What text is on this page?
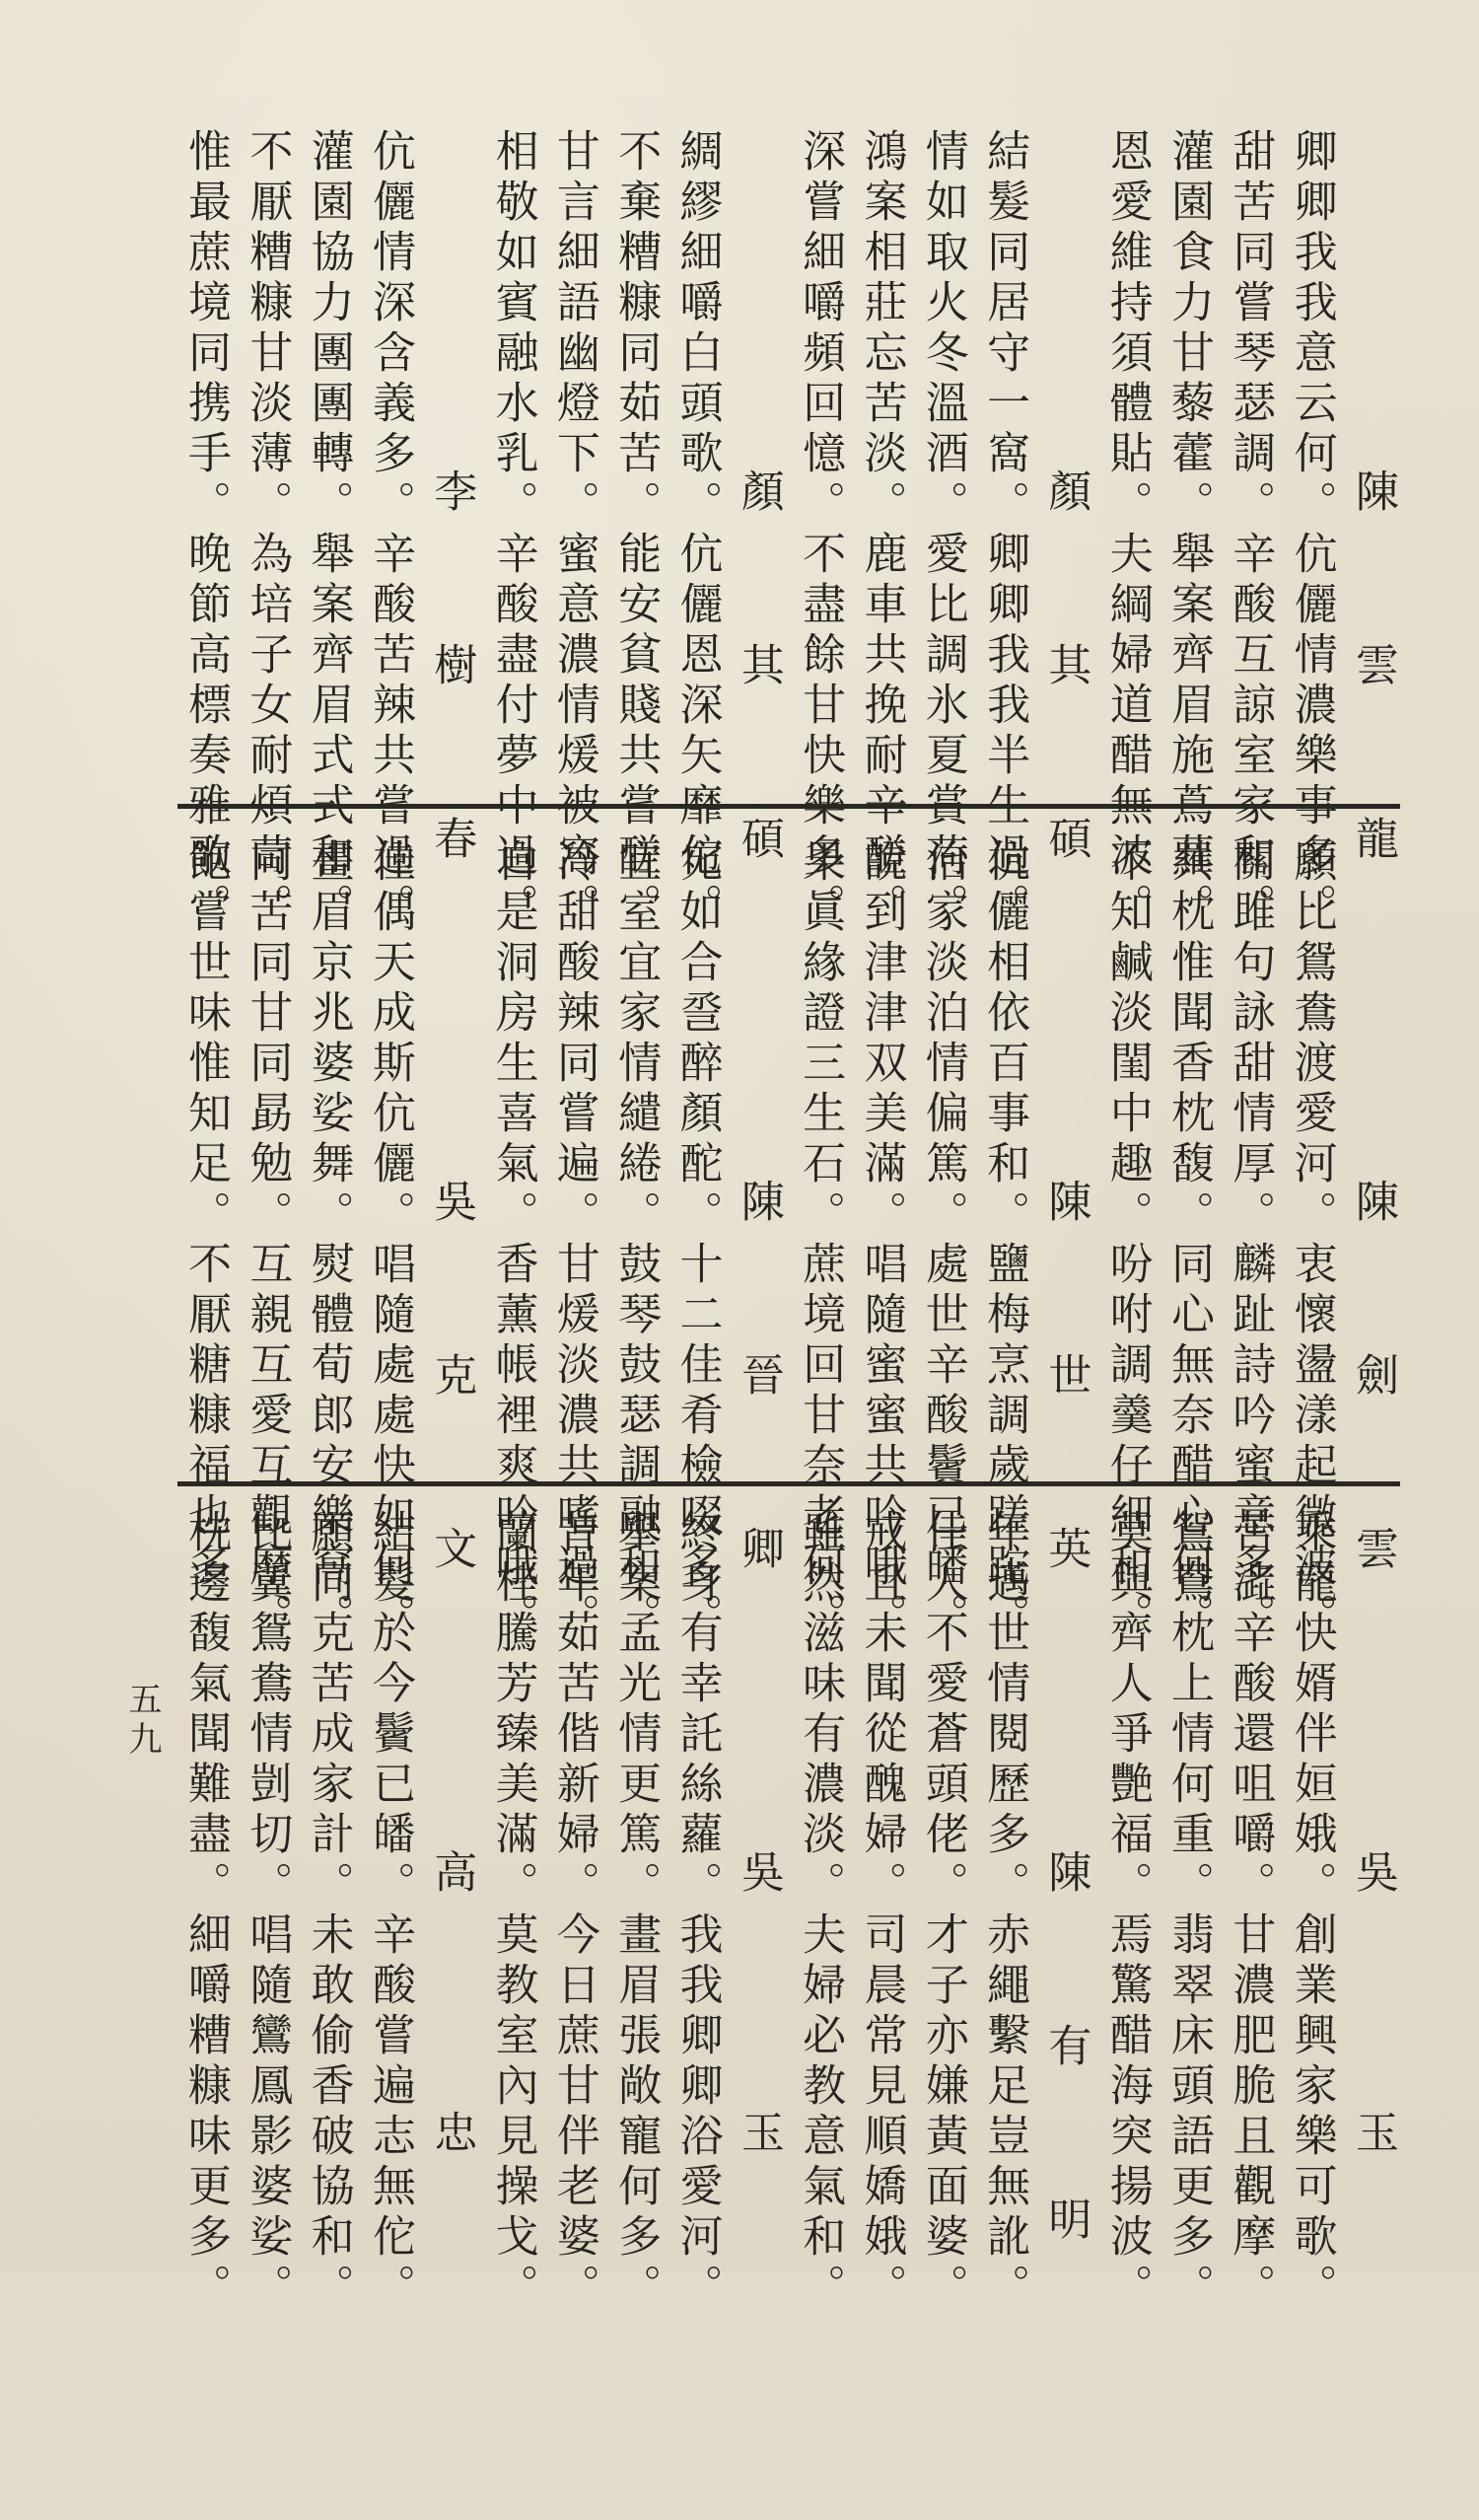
陳　雲　龍
卿卿我我意云何。伉儷情濃樂事多。
甜苦同嘗琴瑟調。辛酸互諒室家和。
灌園食力甘藜藿。舉案齊眉施蔦蘿。
恩愛維持須體貼。夫綱婦道醋無波。
顏　其　碩
結髮同居守一窩。卿卿我我半生過。
情如取火冬溫酒。愛比調氷夏賞荷。
鴻案相莊忘苦淡。鹿車共挽耐辛醝。
深嘗細嚼頻回憶。不盡餘甘快樂多。
顏　其　碩
綢繆細嚼白頭歌。伉儷恩深矢靡佗。
不棄糟糠同茹苦。能安貧賤共嘗醝。
甘言細語幽燈下。蜜意濃情煖被窩。
相敬如賓融水乳。辛酸盡付夢中過。
李　樹　春
伉儷情深含義多。辛酸苦辣共嘗過。
灌園協力團團轉。舉案齊眉式式和。
不厭糟糠甘淡薄。為培子女耐煩苛。
惟最蔗境同携手。晚節高標奏雅歌。
陳　劍　雲
願比鴛鴦渡愛河。衷懷盪漾起微波。
關雎句詠甜情厚。麟趾詩吟蜜意多。
共枕惟聞香枕馥。同心無奈醋心何。
不知鹹淡閨中趣。吩咐調羹仔細和。
陳　世　英
伉儷相依百事和。鹽梅烹調歲蹉跎。
治家淡泊情偏篤。處世辛酸鬢已皤。
說到津津双美滿。唱隨蜜蜜共吟哦。
果眞緣證三生石。蔗境回甘奈老何。
陳　晉　卿
宛如合巹醉顏酡。十二佳肴檢啜多。
宜室宜家情繾綣。鼓琴鼓瑟調融和。
冷甜酸辣同嘗遍。甘煖淡濃共嗜過。
自是洞房生喜氣。香薰帳裡爽吟哦。
吳　克　文
佳偶天成斯伉儷。唱隨處處快如何。
畫眉京兆婆娑舞。熨體荀郎安樂窩。
同苦同甘同勗勉。互親互愛互觀摩。
飽嘗世味惟知足。不厭糖糠福也多
吳　　玉
乘龍快婿伴姮娥。創業興家樂可歌。
苦澁辛酸還咀嚼。甘濃肥脆且觀摩。
鴛鴦枕上情何重。翡翠床頭語更多。
莫與齊人爭艷福。焉驚醋海突揚波。
陳　有　明
年邁世情閱歷多。赤繩繫足豈無訛。
佳人不愛蒼頭佬。才子亦嫌黃面婆。
戒且未聞從醜婦。司晨常見順嬌娥。
雖然滋味有濃淡。夫婦必教意氣和。
吳　　玉
終身有幸託絲蘿。我我卿卿浴愛河。
舉案孟光情更篤。畫眉張敞寵何多。
昔年茹苦偕新婦。今日蔗甘伴老婆。
蘭桂騰芳臻美滿。莫教室內見操戈。
高　　忠
結髮於今鬢已皤。辛酸嘗遍志無佗。
願同克苦成家計。未敢偷香破協和。
比翼鴛鴦情剴切。唱隨鸞鳳影婆娑。
枕邊馥氣聞難盡。細嚼糟糠味更多。
五九
